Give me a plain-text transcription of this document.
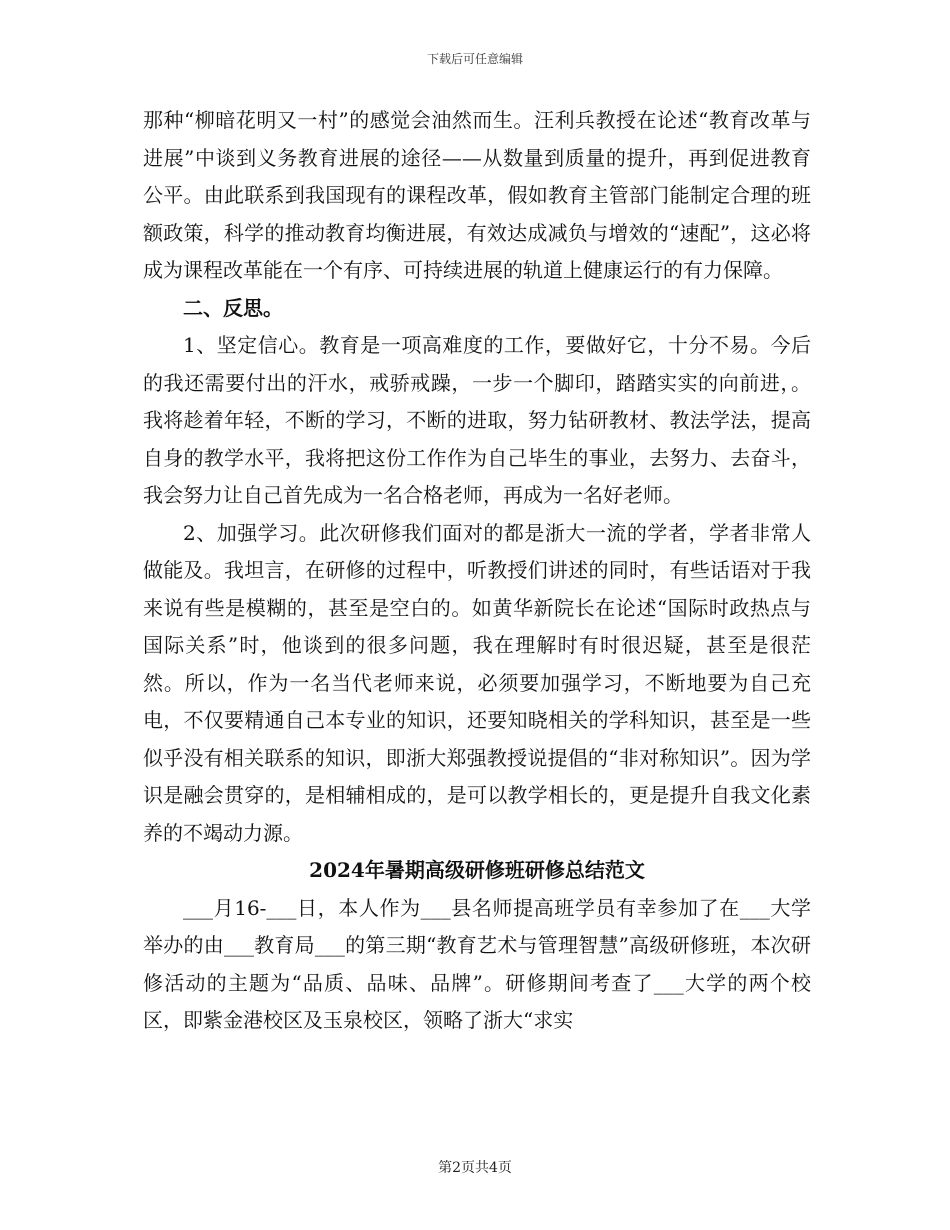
下载后可任意编辑

那种“柳暗花明又一村”的感觉会油然而生。汪利兵教授在论述“教育改革与进展”中谈到义务教育进展的途径——从数量到质量的提升，再到促进教育公平。由此联系到我国现有的课程改革，假如教育主管部门能制定合理的班额政策，科学的推动教育均衡进展，有效达成减负与增效的“速配”，这必将成为课程改革能在一个有序、可持续进展的轨道上健康运行的有力保障。

二、反思。

1、坚定信心。教育是一项高难度的工作，要做好它，十分不易。今后的我还需要付出的汗水，戒骄戒躁，一步一个脚印，踏踏实实的向前进，。我将趁着年轻，不断的学习，不断的进取，努力钻研教材、教法学法，提高自身的教学水平，我将把这份工作作为自己毕生的事业，去努力、去奋斗，我会努力让自己首先成为一名合格老师，再成为一名好老师。

2、加强学习。此次研修我们面对的都是浙大一流的学者，学者非常人做能及。我坦言，在研修的过程中，听教授们讲述的同时，有些话语对于我来说有些是模糊的，甚至是空白的。如黄华新院长在论述“国际时政热点与国际关系”时，他谈到的很多问题，我在理解时有时很迟疑，甚至是很茫然。所以，作为一名当代老师来说，必须要加强学习，不断地要为自己充电，不仅要精通自己本专业的知识，还要知晓相关的学科知识，甚至是一些似乎没有相关联系的知识，即浙大郑强教授说提倡的“非对称知识”。因为学识是融会贯穿的，是相辅相成的，是可以教学相长的，更是提升自我文化素养的不竭动力源。

2024年暑期高级研修班研修总结范文

___月16-___日，本人作为___县名师提高班学员有幸参加了在___大学举办的由___教育局___的第三期“教育艺术与管理智慧”高级研修班，本次研修活动的主题为“品质、品味、品牌”。研修期间考查了___大学的两个校区，即紫金港校区及玉泉校区，领略了浙大“求实

第2页共4页
